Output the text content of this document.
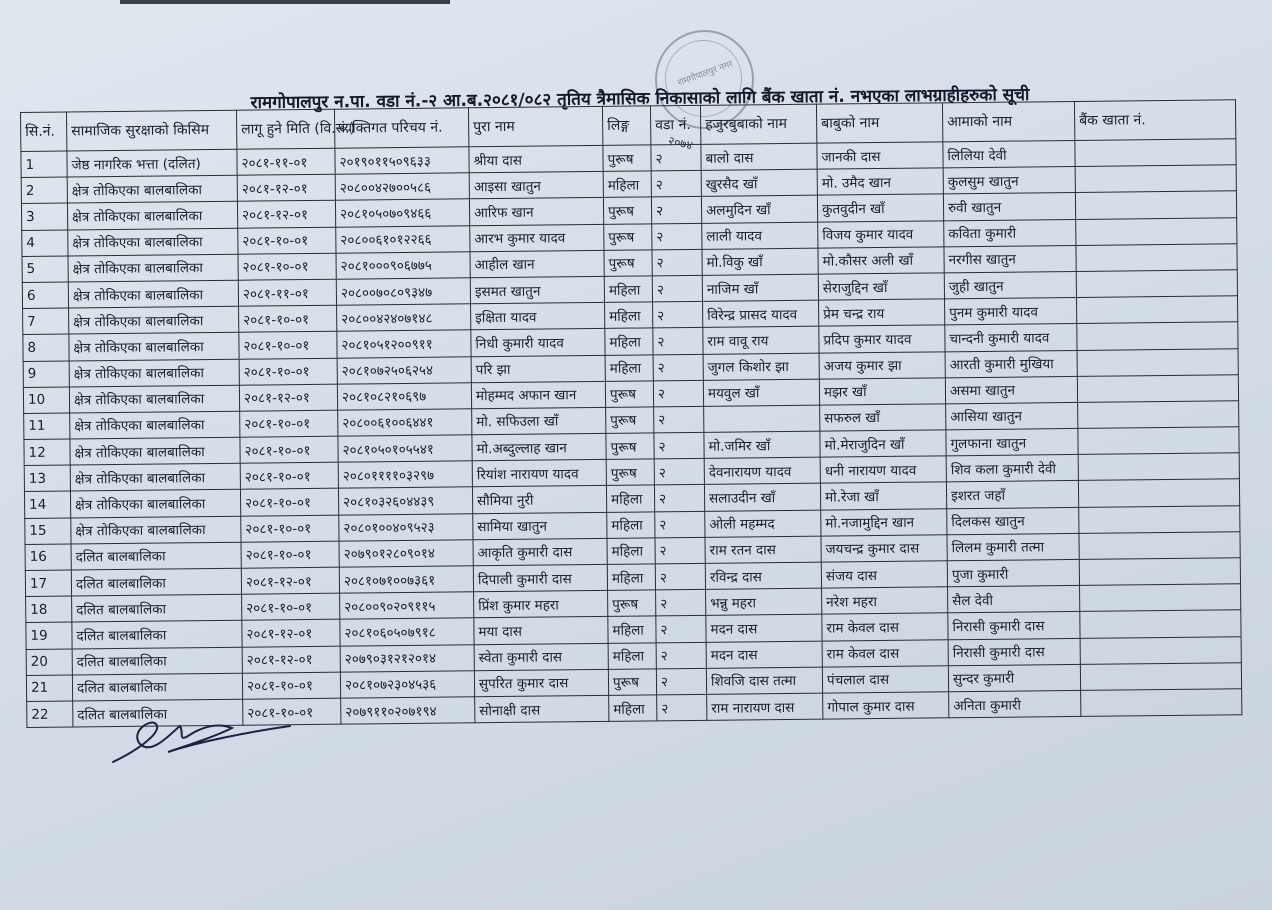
रामगोपालपुर नगर
२०७४
रामगोपालपुर न.पा. वडा नं.-२ आ.ब.२०८१/०८२ तृतिय त्रैमासिक निकासाको लागि बैंक खाता नं. नभएका लाभग्राहीहरुको सूची
सि.नं.	सामाजिक सुरक्षाको किसिम	लागू हुने मिति (वि.सं.)	व्यक्तिगत परिचय नं.	पुरा नाम	लिङ्ग	वडा नं.	हजुरबुबाको नाम	बाबुको नाम	आमाको नाम	बैंक खाता नं.
1	जेष्ठ नागरिक भत्ता (दलित)	२०८१-११-०१	२०१९०११५०९६३३	श्रीया दास	पुरूष	२	बालो दास	जानकी दास	लिलिया देवी	
2	क्षेत्र तोकिएका बालबालिका	२०८१-१२-०१	२०८००४२७००५८६	आइसा खातुन	महिला	२	खुरसैद खाँ	मो. उमैद खान	कुलसुम खातुन	
3	क्षेत्र तोकिएका बालबालिका	२०८१-१२-०१	२०८१०५०७०९४६६	आरिफ खान	पुरूष	२	अलमुदिन खाँ	कुतवुदीन खाँ	रुवी खातुन	
4	क्षेत्र तोकिएका बालबालिका	२०८१-१०-०१	२०८००६१०१२२६६	आरभ कुमार यादव	पुरूष	२	लाली यादव	विजय कुमार यादव	कविता कुमारी	
5	क्षेत्र तोकिएका बालबालिका	२०८१-१०-०१	२०८१०००९०६७७५	आहील खान	पुरूष	२	मो.विकु खाँ	मो.कौसर अली खाँ	नरगीस खातुन	
6	क्षेत्र तोकिएका बालबालिका	२०८१-११-०१	२०८००७०८०९३४७	इसमत खातुन	महिला	२	नाजिम खाँ	सेराजुद्दिन खाँ	जुही खातुन	
7	क्षेत्र तोकिएका बालबालिका	२०८१-१०-०१	२०८००४२४०७१४८	इक्षिता यादव	महिला	२	विरेन्द्र प्रासद यादव	प्रेम चन्द्र राय	पुनम कुमारी यादव	
8	क्षेत्र तोकिएका बालबालिका	२०८१-१०-०१	२०८१०५१२००९११	निधी कुमारी यादव	महिला	२	राम वावू राय	प्रदिप कुमार यादव	चान्दनी कुमारी यादव	
9	क्षेत्र तोकिएका बालबालिका	२०८१-१०-०१	२०८१०७२५०६२५४	परि झा	महिला	२	जुगल किशोर झा	अजय कुमार झा	आरती कुमारी मुखिया	
10	क्षेत्र तोकिएका बालबालिका	२०८१-१२-०१	२०८१०८२१०६९७	मोहम्मद अफान खान	पुरूष	२	मयवुल खाँ	मझर खाँ	असमा खातुन	
11	क्षेत्र तोकिएका बालबालिका	२०८१-१०-०१	२०८००६१००६४४१	मो. सफिउला खाँ	पुरूष	२		सफरुल खाँ	आसिया खातुन	
12	क्षेत्र तोकिएका बालबालिका	२०८१-१०-०१	२०८१०५०१०५५४१	मो.अब्दुल्लाह खान	पुरूष	२	मो.जमिर खाँ	मो.मेराजुदिन खाँ	गुलफाना खातुन	
13	क्षेत्र तोकिएका बालबालिका	२०८१-१०-०१	२०८०११११०३२९७	रियांश नारायण यादव	पुरूष	२	देवनारायण यादव	धनी नारायण यादव	शिव कला कुमारी देवी	
14	क्षेत्र तोकिएका बालबालिका	२०८१-१०-०१	२०८१०३२६०४४३९	सौमिया नुरी	महिला	२	सलाउदीन खाँ	मो.रेजा खाँ	इशरत जहाँ	
15	क्षेत्र तोकिएका बालबालिका	२०८१-१०-०१	२०८०१००४०९५२३	सामिया खातुन	महिला	२	ओली महम्मद	मो.नजामुद्दिन खान	दिलकस खातुन	
16	दलित बालबालिका	२०८१-१०-०१	२०७९०१२८०९०१४	आकृति कुमारी दास	महिला	२	राम रतन दास	जयचन्द्र कुमार दास	लिलम कुमारी तत्मा	
17	दलित बालबालिका	२०८१-१२-०१	२०८१०७१००७३६१	दिपाली कुमारी दास	महिला	२	रविन्द्र दास	संजय दास	पुजा कुमारी	
18	दलित बालबालिका	२०८१-१०-०१	२०८००९०२०९११५	प्रिंश कुमार महरा	पुरूष	२	भन्नु महरा	नरेश महरा	सैल देवी	
19	दलित बालबालिका	२०८१-१२-०१	२०८१०६०५०७९१८	मया दास	महिला	२	मदन दास	राम केवल दास	निरासी कुमारी दास	
20	दलित बालबालिका	२०८१-१२-०१	२०७९०३१२१२०१४	स्वेता कुमारी दास	महिला	२	मदन दास	राम केवल दास	निरासी कुमारी दास	
21	दलित बालबालिका	२०८१-१०-०१	२०८१०७२३०४५३६	सुपरित कुमार दास	पुरूष	२	शिवजि दास तत्मा	पंचलाल दास	सुन्दर कुमारी	
22	दलित बालबालिका	२०८१-१०-०१	२०७९११०२०७१९४	सोनाक्षी दास	महिला	२	राम नारायण दास	गोपाल कुमार दास	अनिता कुमारी	
